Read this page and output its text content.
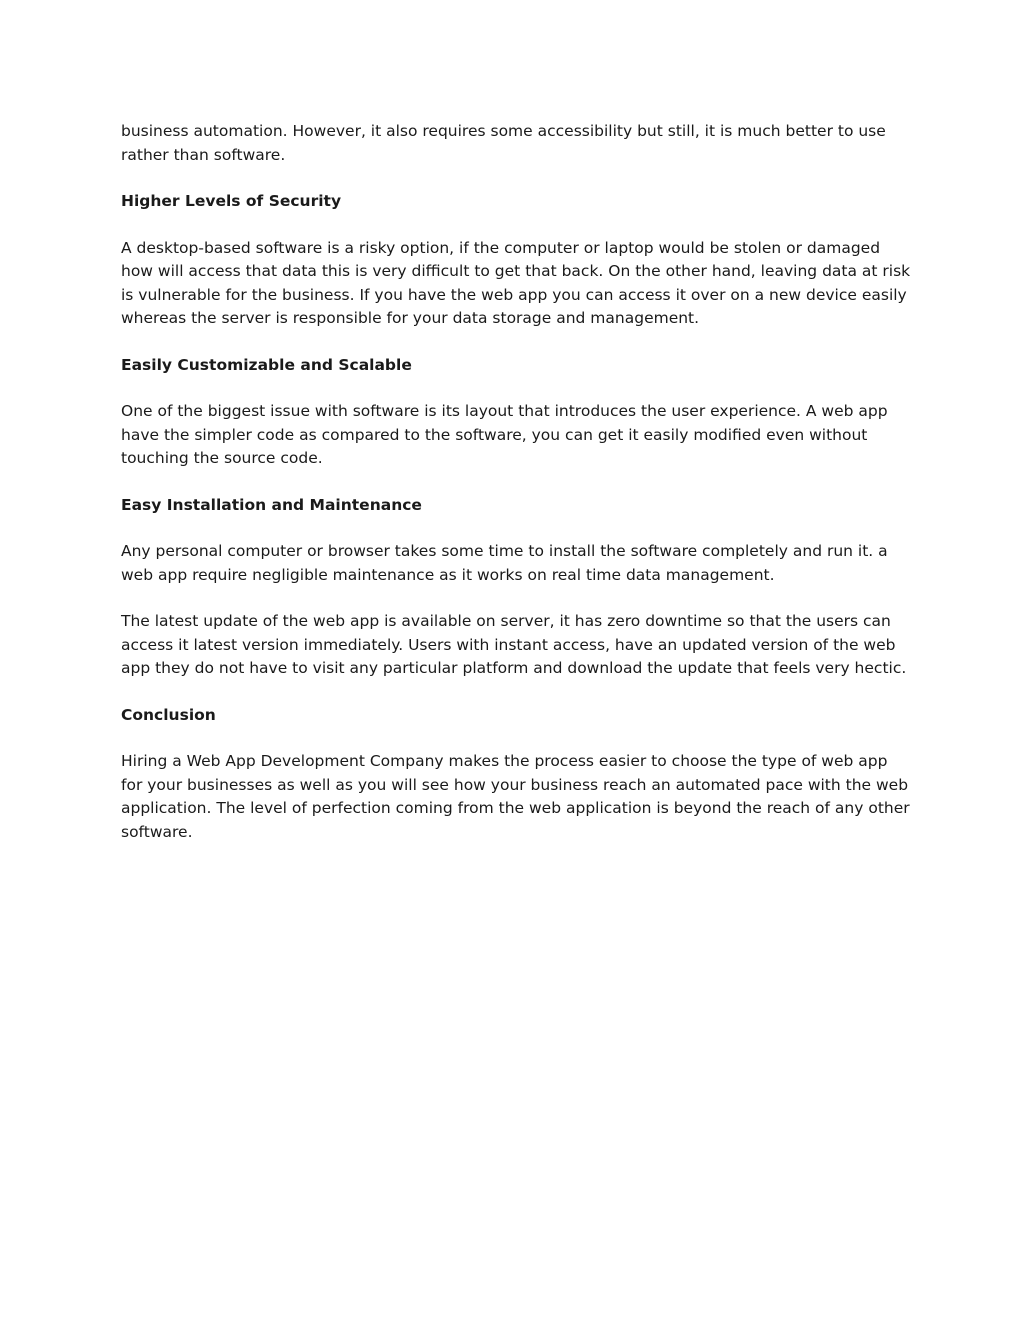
business automation. However, it also requires some accessibility but still, it is much better to use rather than software.

Higher Levels of Security

A desktop-based software is a risky option, if the computer or laptop would be stolen or damaged how will access that data this is very difficult to get that back. On the other hand, leaving data at risk is vulnerable for the business. If you have the web app you can access it over on a new device easily whereas the server is responsible for your data storage and management.

Easily Customizable and Scalable

One of the biggest issue with software is its layout that introduces the user experience. A web app have the simpler code as compared to the software, you can get it easily modified even without touching the source code.

Easy Installation and Maintenance

Any personal computer or browser takes some time to install the software completely and run it. a web app require negligible maintenance as it works on real time data management.

The latest update of the web app is available on server, it has zero downtime so that the users can access it latest version immediately. Users with instant access, have an updated version of the web app they do not have to visit any particular platform and download the update that feels very hectic.

Conclusion

Hiring a Web App Development Company makes the process easier to choose the type of web app for your businesses as well as you will see how your business reach an automated pace with the web application. The level of perfection coming from the web application is beyond the reach of any other software.
